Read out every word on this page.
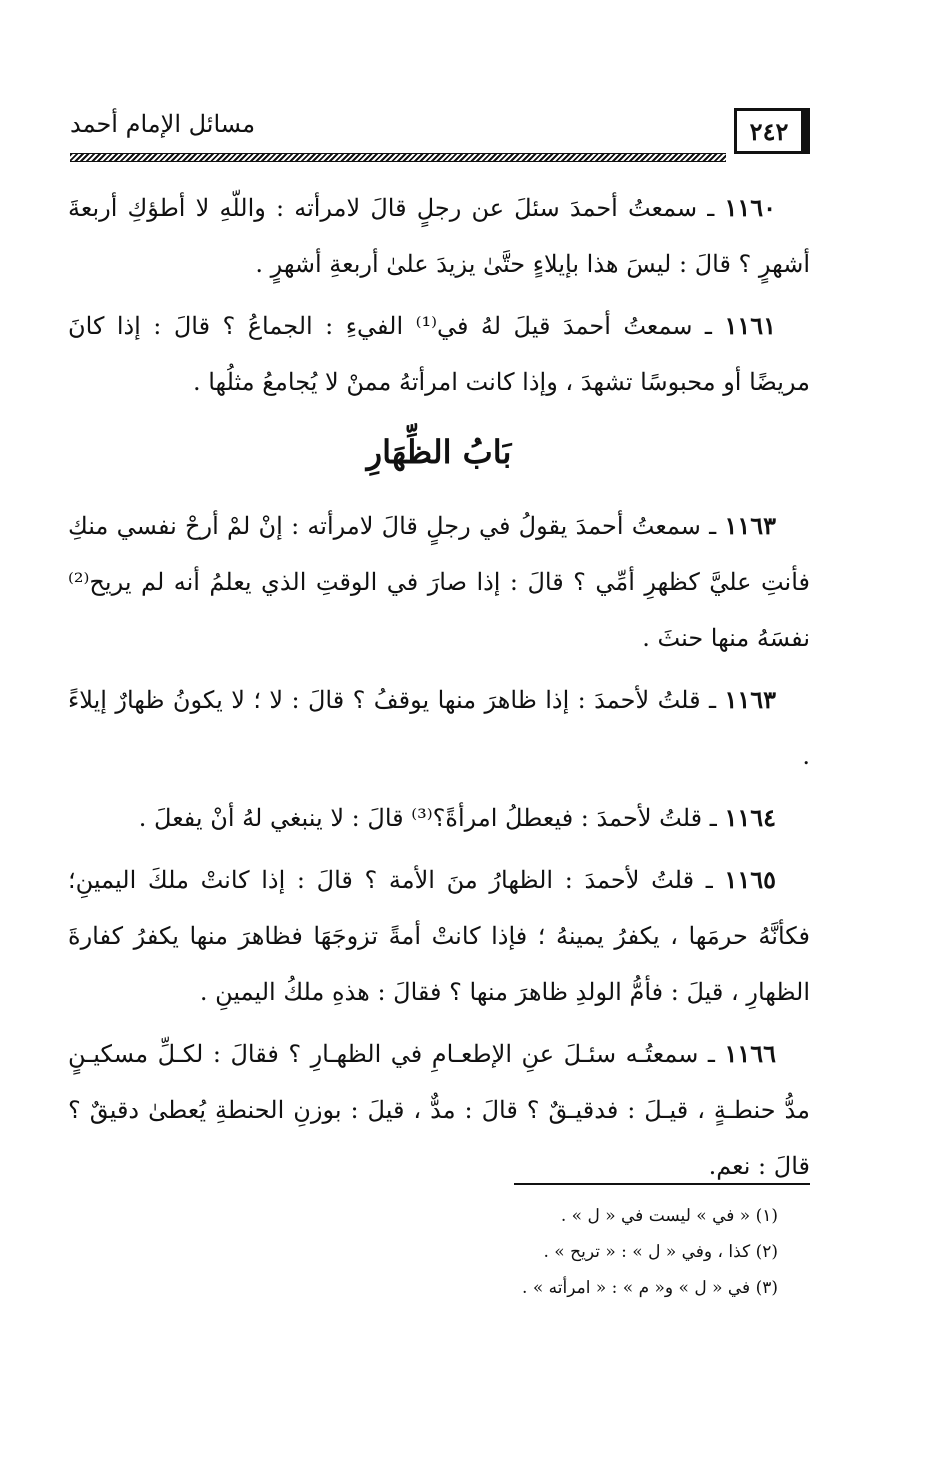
٢٤٢
مسائل الإمام أحمد

١١٦٠ ـ سمعتُ أحمدَ سئلَ عن رجلٍ قالَ لامرأته : واللّهِ لا أطؤكِ أربعةَ أشهرٍ ؟ قالَ : ليسَ هذا بإيلاءٍ حتَّىٰ يزيدَ علىٰ أربعةِ أشهرٍ .

١١٦١ ـ سمعتُ أحمدَ قيلَ لهُ في⁽¹⁾ الفيءِ : الجماعُ ؟ قالَ : إذا كانَ مريضًا أو محبوسًا تشهدَ ، وإذا كانت امرأتهُ ممنْ لا يُجامعُ مثلُها .

بَابُ الظِّهَارِ

١١٦٣ ـ سمعتُ أحمدَ يقولُ في رجلٍ قالَ لامرأته : إنْ لمْ أرحْ نفسي منكِ فأنتِ عليَّ كظهرِ أمِّي ؟ قالَ : إذا صارَ في الوقتِ الذي يعلمُ أنه لم يريح⁽²⁾ نفسَهُ منها حنثَ .

١١٦٣ ـ قلتُ لأحمدَ : إذا ظاهرَ منها يوقفُ ؟ قالَ : لا ؛ لا يكونُ ظهارٌ إيلاءً .

١١٦٤ ـ قلتُ لأحمدَ : فيعطلُ امرأةً؟⁽³⁾ قالَ : لا ينبغي لهُ أنْ يفعلَ .

١١٦٥ ـ قلتُ لأحمدَ : الظهارُ منَ الأمة ؟ قالَ : إذا كانتْ ملكَ اليمينِ؛ فكأنَّهُ حرمَها ، يكفرُ يمينهُ ؛ فإذا كانتْ أمةً تزوجَهَا فظاهرَ منها يكفرُ كفارةَ الظهارِ ، قيلَ : فأمُّ الولدِ ظاهرَ منها ؟ فقالَ : هذهِ ملكُ اليمينِ .

١١٦٦ ـ سمعتُـه سئـلَ عنِ الإطعـامِ في الظهـارِ ؟ فقالَ : لكـلِّ مسكيـنٍ مدُّ حنطـةٍ ، قيـلَ : فدقيـقٌ ؟ قالَ : مدٌّ ، قيلَ : بوزنِ الحنطةِ يُعطىٰ دقيقٌ ؟ قالَ : نعم.

(١) « في » ليست في « ل » .

(٢) كذا ، وفي « ل » : « تريح » .

(٣) في « ل » و« م » : « امرأته » .
